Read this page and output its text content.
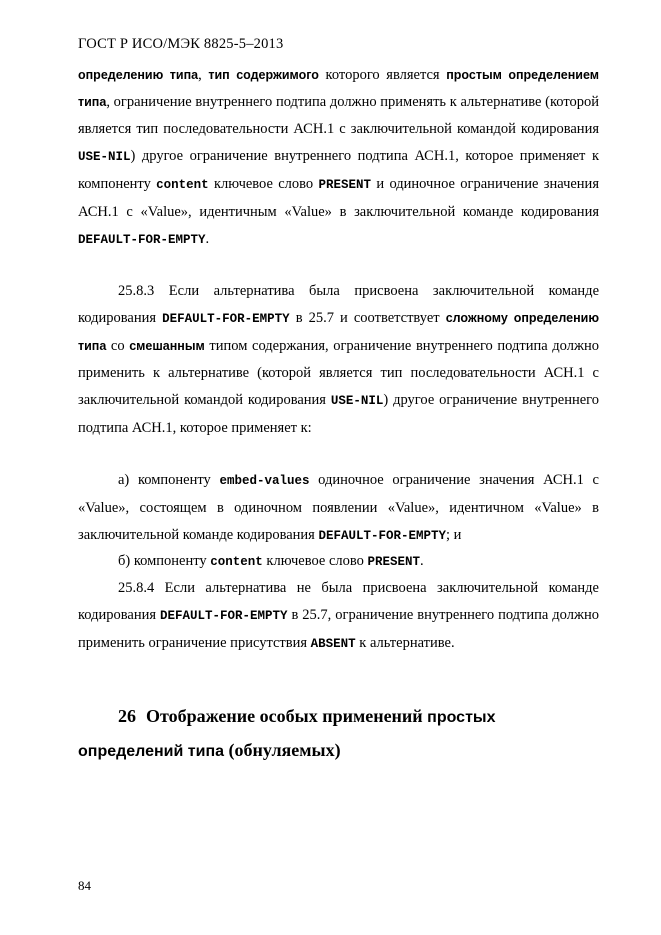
ГОСТ Р ИСО/МЭК 8825-5–2013

определению типа, тип содержимого которого является простым определением типа, ограничение внутреннего подтипа должно применять к альтернативе (которой является тип последовательности АСН.1 с заключительной командой кодирования USE-NIL) другое ограничение внутреннего подтипа АСН.1, которое применяет к компоненту content ключевое слово PRESENT и одиночное ограничение значения АСН.1 с «Value», идентичным «Value» в заключительной команде кодирования DEFAULT-FOR-EMPTY.

25.8.3 Если альтернатива была присвоена заключительной команде кодирования DEFAULT-FOR-EMPTY в 25.7 и соответствует сложному определению типа со смешанным типом содержания, ограничение внутреннего подтипа должно применить к альтернативе (которой является тип последовательности АСН.1 с заключительной командой кодирования USE-NIL) другое ограничение внутреннего подтипа АСН.1, которое применяет к:

а) компоненту embed-values одиночное ограничение значения АСН.1 с «Value», состоящем в одиночном появлении «Value», идентичном «Value» в заключительной команде кодирования DEFAULT-FOR-EMPTY; и

б) компоненту content ключевое слово PRESENT.

25.8.4 Если альтернатива не была присвоена заключительной команде кодирования DEFAULT-FOR-EMPTY в 25.7, ограничение внутреннего подтипа должно применить ограничение присутствия ABSENT к альтернативе.

26 Отображение особых применений простых определений типа (обнуляемых)
84
